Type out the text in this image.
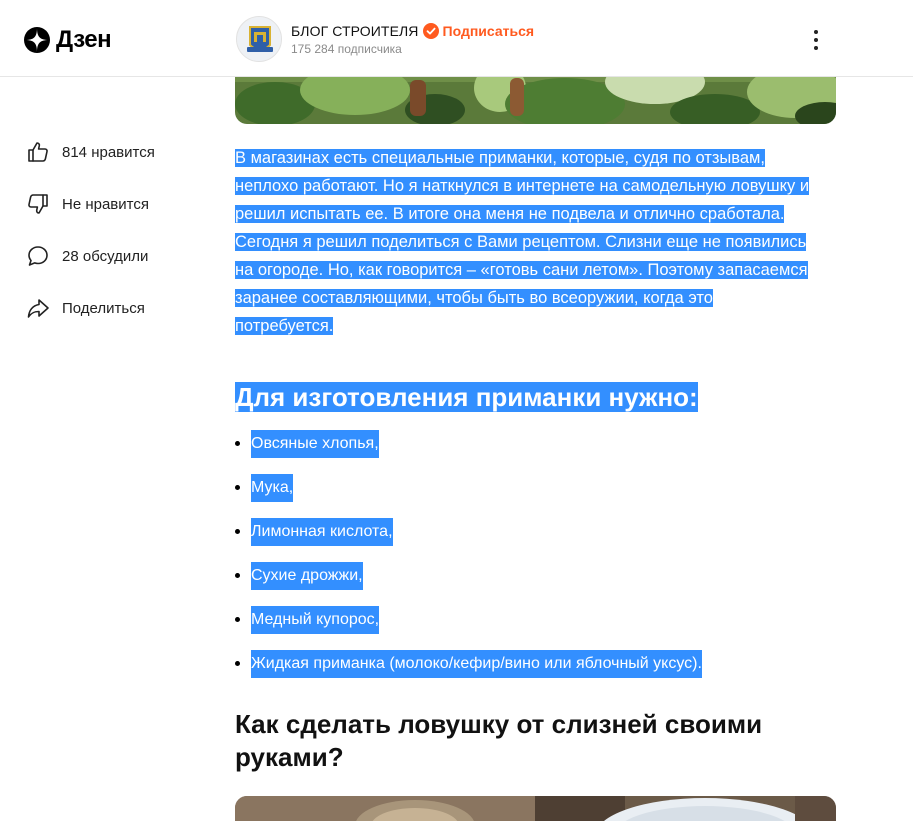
Дзен	БЛОГ СТРОИТЕЛЯ Подписаться
175 284 подписчика
814 нравится
Не нравится
28 обсудили
Поделиться
В магазинах есть специальные приманки, которые, судя по отзывам,
неплохо работают. Но я наткнулся в интернете на самодельную ловушку и
решил испытать ее. В итоге она меня не подвела и отлично сработала.
Сегодня я решил поделиться с Вами рецептом. Слизни еще не появились
на огороде. Но, как говорится – «готовь сани летом». Поэтому запасаемся
заранее составляющими, чтобы быть во всеоружии, когда это
потребуется.
Для изготовления приманки нужно:
Овсяные хлопья,
Мука,
Лимонная кислота,
Сухие дрожжи,
Медный купорос,
Жидкая приманка (молоко/кефир/вино или яблочный уксус).
Как сделать ловушку от слизней своими руками?
